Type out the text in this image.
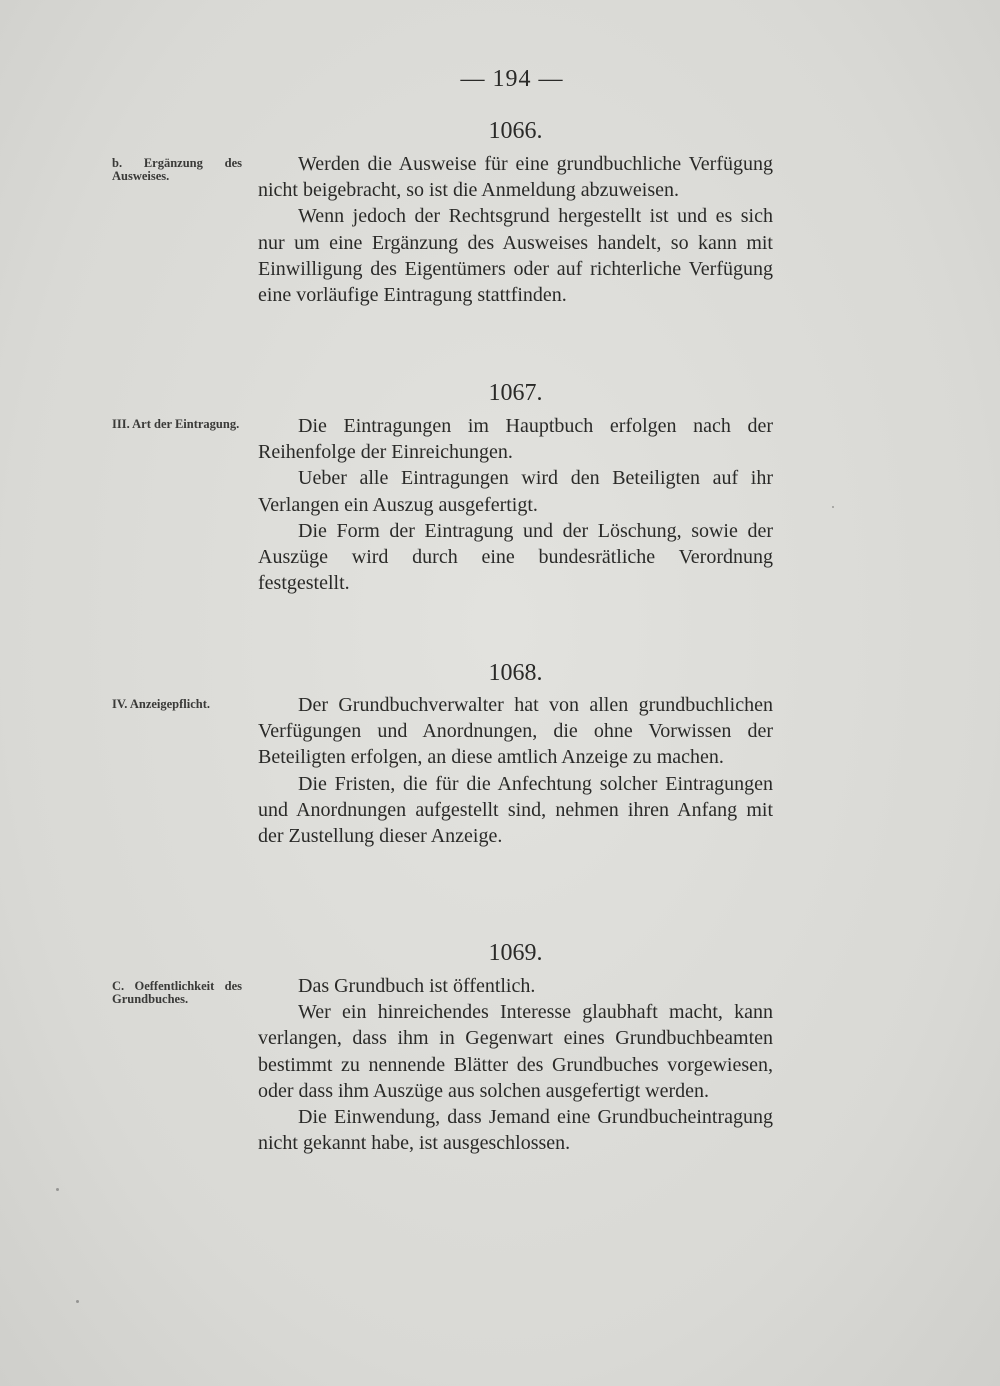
— 194 —
1066.
b. Ergänzung des Ausweises.

Werden die Ausweise für eine grundbuchliche Verfügung nicht beigebracht, so ist die Anmeldung abzuweisen.

Wenn jedoch der Rechtsgrund hergestellt ist und es sich nur um eine Ergänzung des Ausweises handelt, so kann mit Einwilligung des Eigentümers oder auf richterliche Verfügung eine vorläufige Eintragung stattfinden.

1067.
III. Art der Eintragung.	Die Eintragungen im Hauptbuch erfolgen nach der Reihenfolge der Einreichungen.

Ueber alle Eintragungen wird den Beteiligten auf ihr Verlangen ein Auszug ausgefertigt.

Die Form der Eintragung und der Löschung, sowie der Auszüge wird durch eine bundesrätliche Verordnung festgestellt.

1068.
IV. Anzeigepflicht.	Der Grundbuchverwalter hat von allen grundbuchlichen Verfügungen und Anordnungen, die ohne Vorwissen der Beteiligten erfolgen, an diese amtlich Anzeige zu machen.

Die Fristen, die für die Anfechtung solcher Eintragungen und Anordnungen aufgestellt sind, nehmen ihren Anfang mit der Zustellung dieser Anzeige.

1069.
C. Oeffentlichkeit des Grundbuches.

Das Grundbuch ist öffentlich.

Wer ein hinreichendes Interesse glaubhaft macht, kann verlangen, dass ihm in Gegenwart eines Grundbuchbeamten bestimmt zu nennende Blätter des Grundbuches vorgewiesen, oder dass ihm Auszüge aus solchen ausgefertigt werden.

Die Einwendung, dass Jemand eine Grundbucheintragung nicht gekannt habe, ist ausgeschlossen.
